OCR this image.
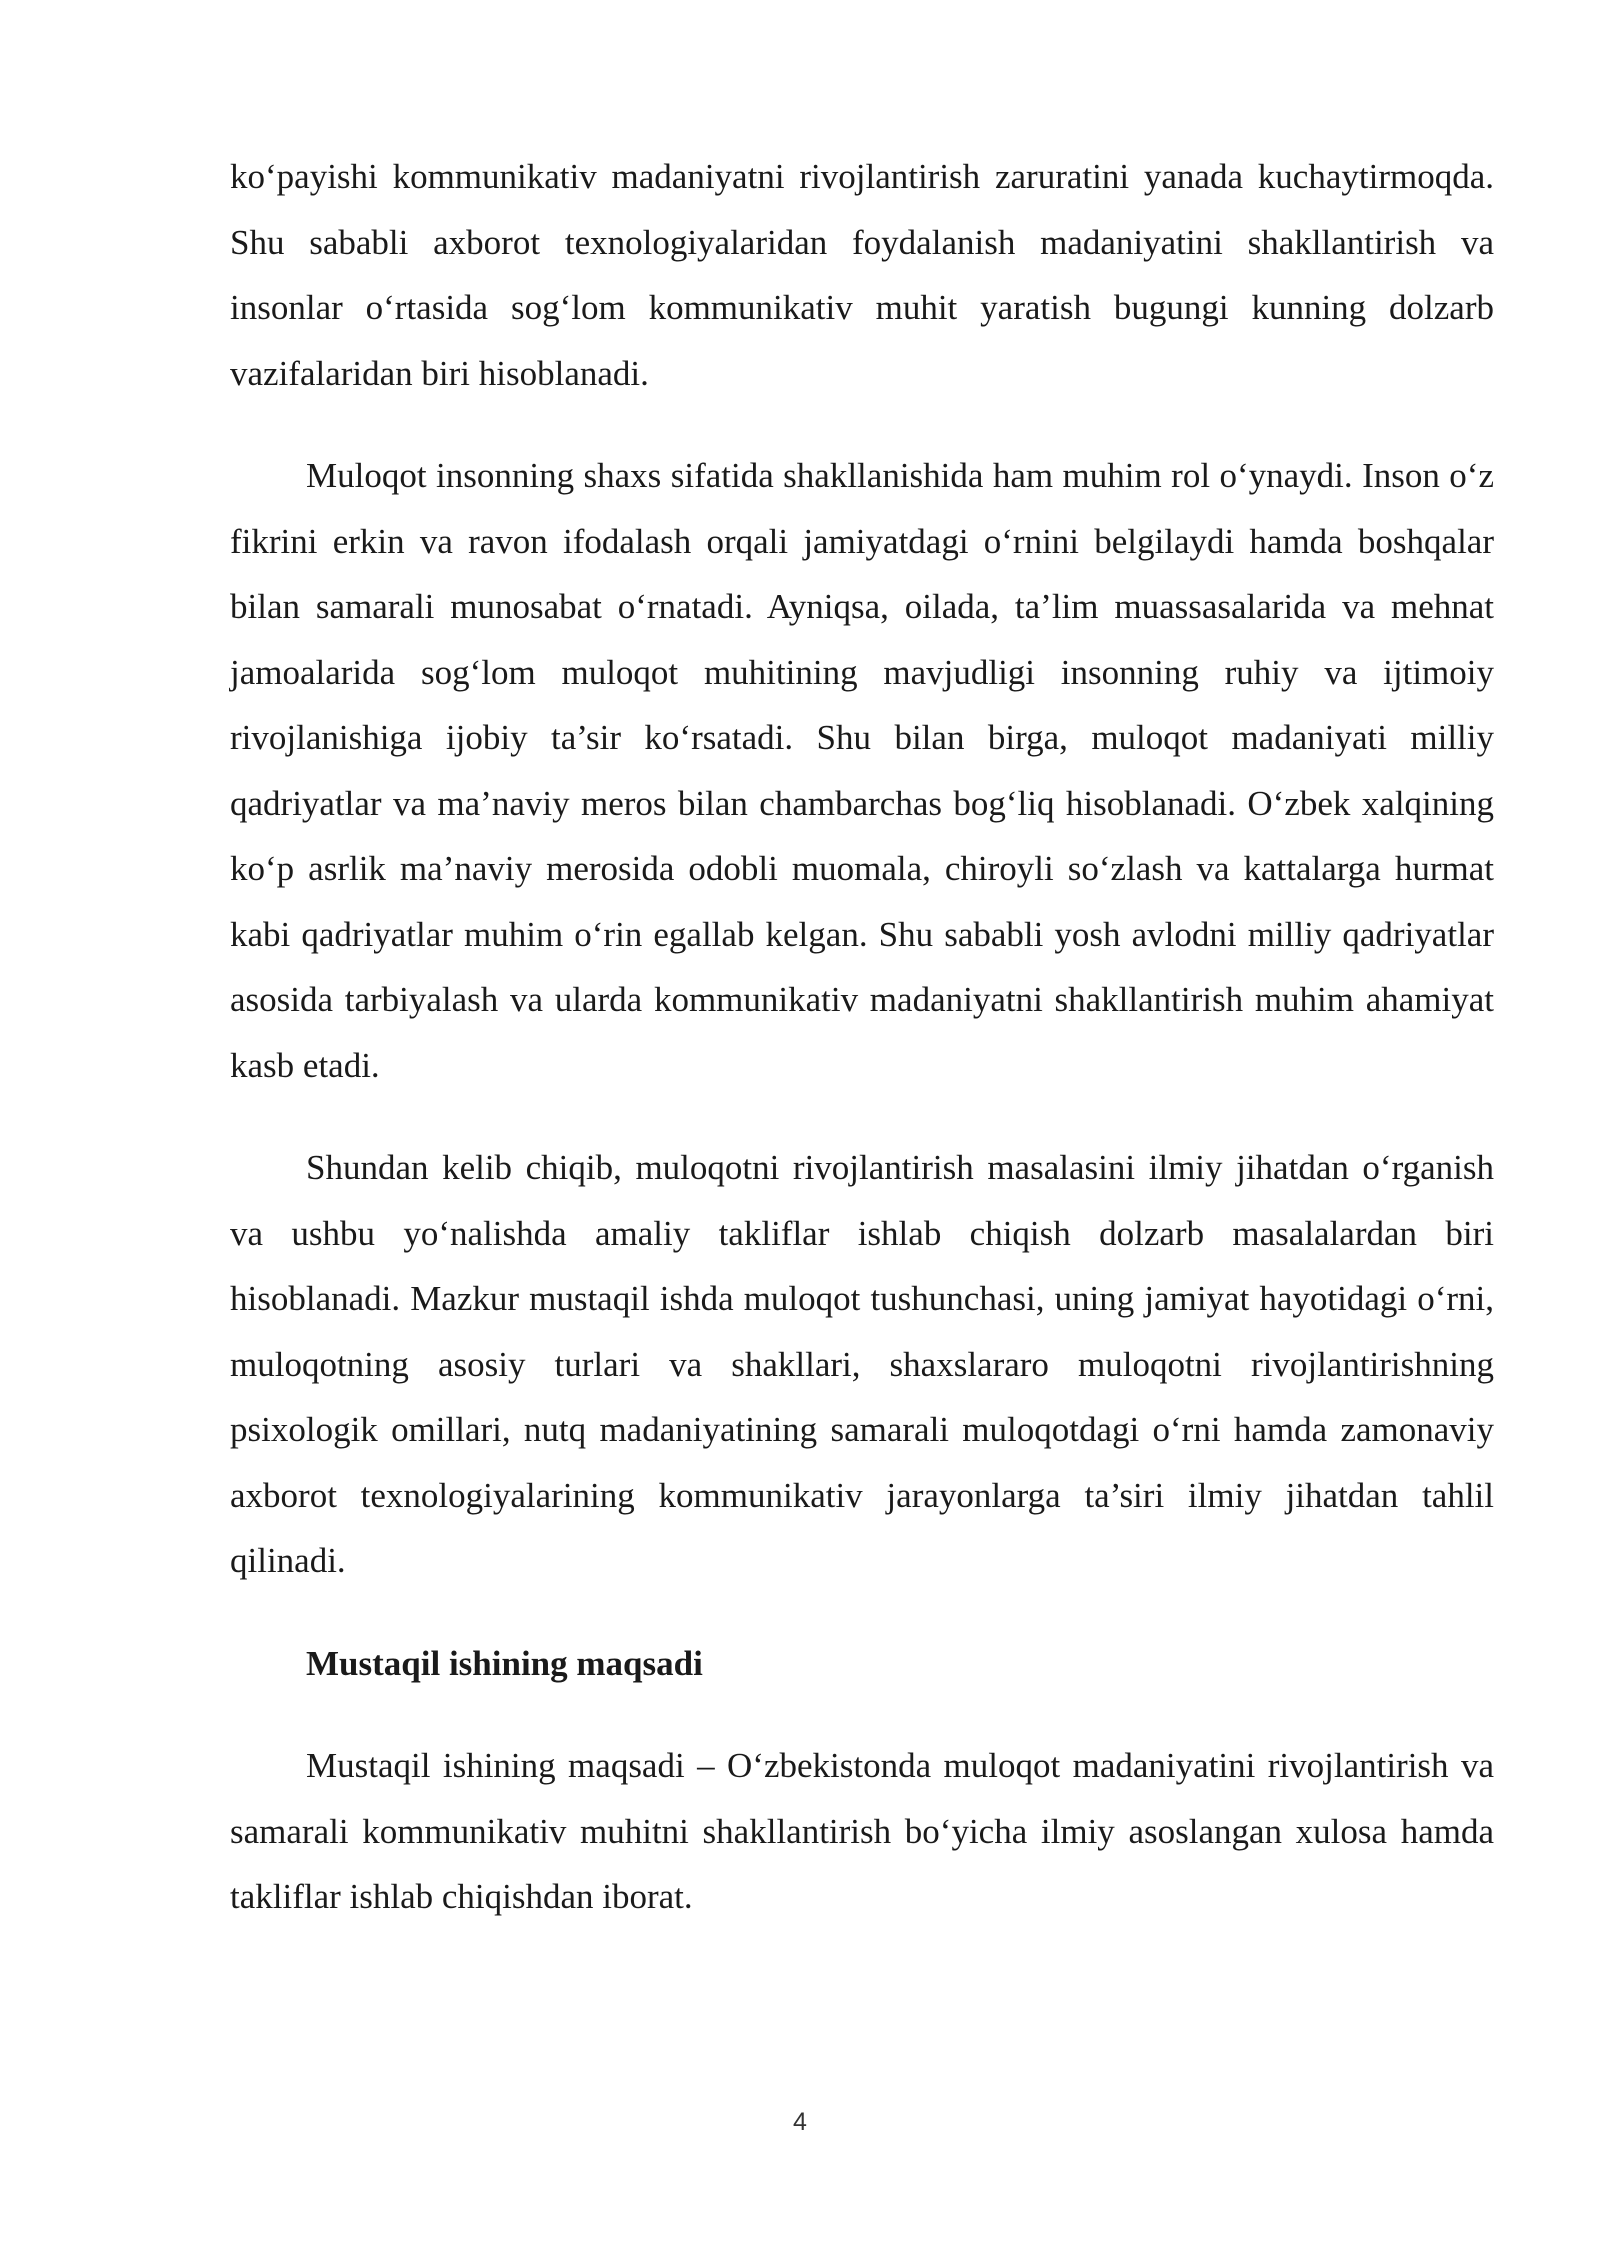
ko‘payishi kommunikativ madaniyatni rivojlantirish zaruratini yanada kuchaytirmoqda. Shu sababli axborot texnologiyalaridan foydalanish madaniyatini shakllantirish va insonlar o‘rtasida sog‘lom kommunikativ muhit yaratish bugungi kunning dolzarb vazifalaridan biri hisoblanadi.

Muloqot insonning shaxs sifatida shakllanishida ham muhim rol o‘ynaydi. Inson o‘z fikrini erkin va ravon ifodalash orqali jamiyatdagi o‘rnini belgilaydi hamda boshqalar bilan samarali munosabat o‘rnatadi. Ayniqsa, oilada, ta’lim muassasalarida va mehnat jamoalarida sog‘lom muloqot muhitining mavjudligi insonning ruhiy va ijtimoiy rivojlanishiga ijobiy ta’sir ko‘rsatadi. Shu bilan birga, muloqot madaniyati milliy qadriyatlar va ma’naviy meros bilan chambarchas bog‘liq hisoblanadi. O‘zbek xalqining ko‘p asrlik ma’naviy merosida odobli muomala, chiroyli so‘zlash va kattalarga hurmat kabi qadriyatlar muhim o‘rin egallab kelgan. Shu sababli yosh avlodni milliy qadriyatlar asosida tarbiyalash va ularda kommunikativ madaniyatni shakllantirish muhim ahamiyat kasb etadi.

Shundan kelib chiqib, muloqotni rivojlantirish masalasini ilmiy jihatdan o‘rganish va ushbu yo‘nalishda amaliy takliflar ishlab chiqish dolzarb masalalardan biri hisoblanadi. Mazkur mustaqil ishda muloqot tushunchasi, uning jamiyat hayotidagi o‘rni, muloqotning asosiy turlari va shakllari, shaxslararo muloqotni rivojlantirishning psixologik omillari, nutq madaniyatining samarali muloqotdagi o‘rni hamda zamonaviy axborot texnologiyalarining kommunikativ jarayonlarga ta’siri ilmiy jihatdan tahlil qilinadi.

Mustaqil ishining maqsadi

Mustaqil ishining maqsadi – O‘zbekistonda muloqot madaniyatini rivojlantirish va samarali kommunikativ muhitni shakllantirish bo‘yicha ilmiy asoslangan xulosa hamda takliflar ishlab chiqishdan iborat.

4
